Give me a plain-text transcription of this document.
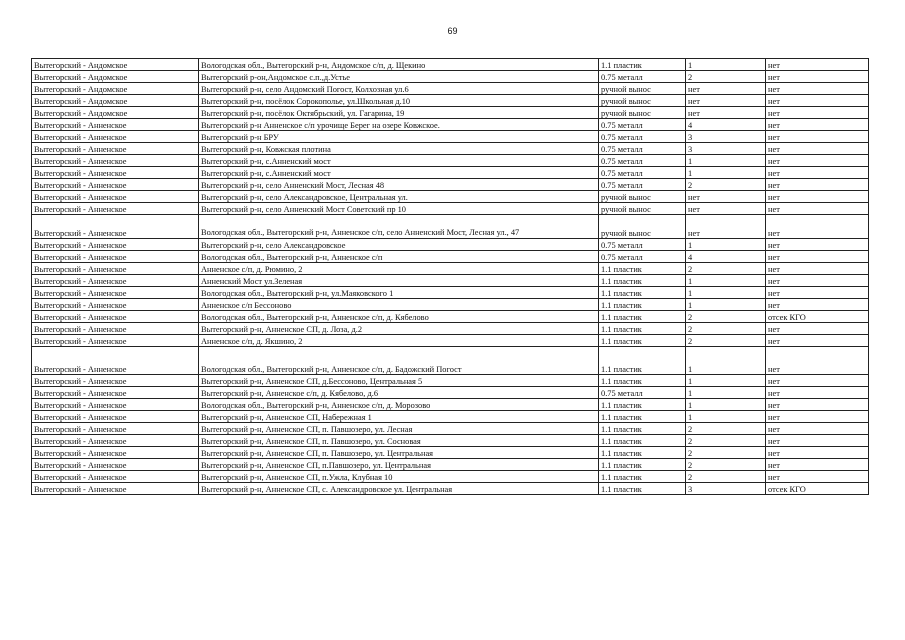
69
Вытегорский - Андомское	Вологодская обл., Вытегорский р-н, Андомское с/п, д. Щекино	1.1 пластик	1	нет
Вытегорский - Андомское	Вытегорский р-он,Андомское с.п.,д.Устье	0.75 металл	2	нет
Вытегорский - Андомское	Вытегорский р-н, село Андомский Погост, Колхозная ул.6	ручной вынос	нет	нет
Вытегорский - Андомское	Вытегорский р-н, посёлок Сорокополье, ул.Школьная д.10	ручной вынос	нет	нет
Вытегорский - Андомское	Вытегорский р-н, посёлок Октябрьский, ул. Гагарина, 19	ручной вынос	нет	нет
Вытегорский - Анненское	Вытегорский р-н Анненское с/п урочище Берег на озере Ковжское.	0.75 металл	4	нет
Вытегорский - Анненское	Вытегорский р-н БРУ	0.75 металл	3	нет
Вытегорский - Анненское	Вытегорский р-н, Ковжская плотина	0.75 металл	3	нет
Вытегорский - Анненское	Вытегорский р-н, с.Анненский мост	0.75 металл	1	нет
Вытегорский - Анненское	Вытегорский р-н, с.Анненский мост	0.75 металл	1	нет
Вытегорский - Анненское	Вытегорский р-н, село Анненский Мост, Лесная 48	0.75 металл	2	нет
Вытегорский - Анненское	Вытегорский р-н, село Александровское, Центральная ул.	ручной вынос	нет	нет
Вытегорский - Анненское	Вытегорский р-н, село Анненский Мост Советский пр 10	ручной вынос	нет	нет
Вытегорский - Анненское	Вологодская обл., Вытегорский р-н, Анненское с/п, село Анненский Мост, Лесная ул., 47	ручной вынос	нет	нет
Вытегорский - Анненское	Вытегорский р-н, село Александровское	0.75 металл	1	нет
Вытегорский - Анненское	Вологодская обл., Вытегорский р-н, Анненское с/п	0.75 металл	4	нет
Вытегорский - Анненское	Анненское с/п, д. Рюмино, 2	1.1 пластик	2	нет
Вытегорский - Анненское	Анненский Мост ул.Зеленая	1.1 пластик	1	нет
Вытегорский - Анненское	Вологодская обл., Вытегорский р-н, ул.Маяковского 1	1.1 пластик	1	нет
Вытегорский - Анненское	Анненское с/п Бессоново	1.1 пластик	1	нет
Вытегорский - Анненское	Вологодская обл., Вытегорский р-н, Анненское с/п, д. Кябелово	1.1 пластик	2	отсек КГО
Вытегорский - Анненское	Вытегорский р-н, Анненское СП, д. Лоза, д.2	1.1 пластик	2	нет
Вытегорский - Анненское	Анненское с/п, д. Якшино, 2	1.1 пластик	2	нет
Вытегорский - Анненское	Вологодская обл., Вытегорский р-н, Анненское с/п, д. Бадожский Погост	1.1 пластик	1	нет
Вытегорский - Анненское	Вытегорский р-н, Анненское СП, д.Бессоново, Центральная 5	1.1 пластик	1	нет
Вытегорский - Анненское	Вытегорский р-н, Анненское с/п, д. Кябелово, д.6	0.75 металл	1	нет
Вытегорский - Анненское	Вологодская обл., Вытегорский р-н, Анненское с/п, д. Морозово	1.1 пластик	1	нет
Вытегорский - Анненское	Вытегорский р-н, Анненское СП, Набережная 1	1.1 пластик	1	нет
Вытегорский - Анненское	Вытегорский р-н, Анненское СП, п. Павшозеро, ул. Лесная	1.1 пластик	2	нет
Вытегорский - Анненское	Вытегорский р-н, Анненское СП, п. Павшозеро, ул. Сосновая	1.1 пластик	2	нет
Вытегорский - Анненское	Вытегорский р-н, Анненское СП, п. Павшозеро, ул. Центральная	1.1 пластик	2	нет
Вытегорский - Анненское	Вытегорский р-н, Анненское СП, п.Павшозеро, ул. Центральная	1.1 пластик	2	нет
Вытегорский - Анненское	Вытегорский р-н, Анненское СП, п.Ужла, Клубная 10	1.1 пластик	2	нет
Вытегорский - Анненское	Вытегорский р-н, Анненское СП, с. Александровское ул. Центральная	1.1 пластик	3	отсек КГО
